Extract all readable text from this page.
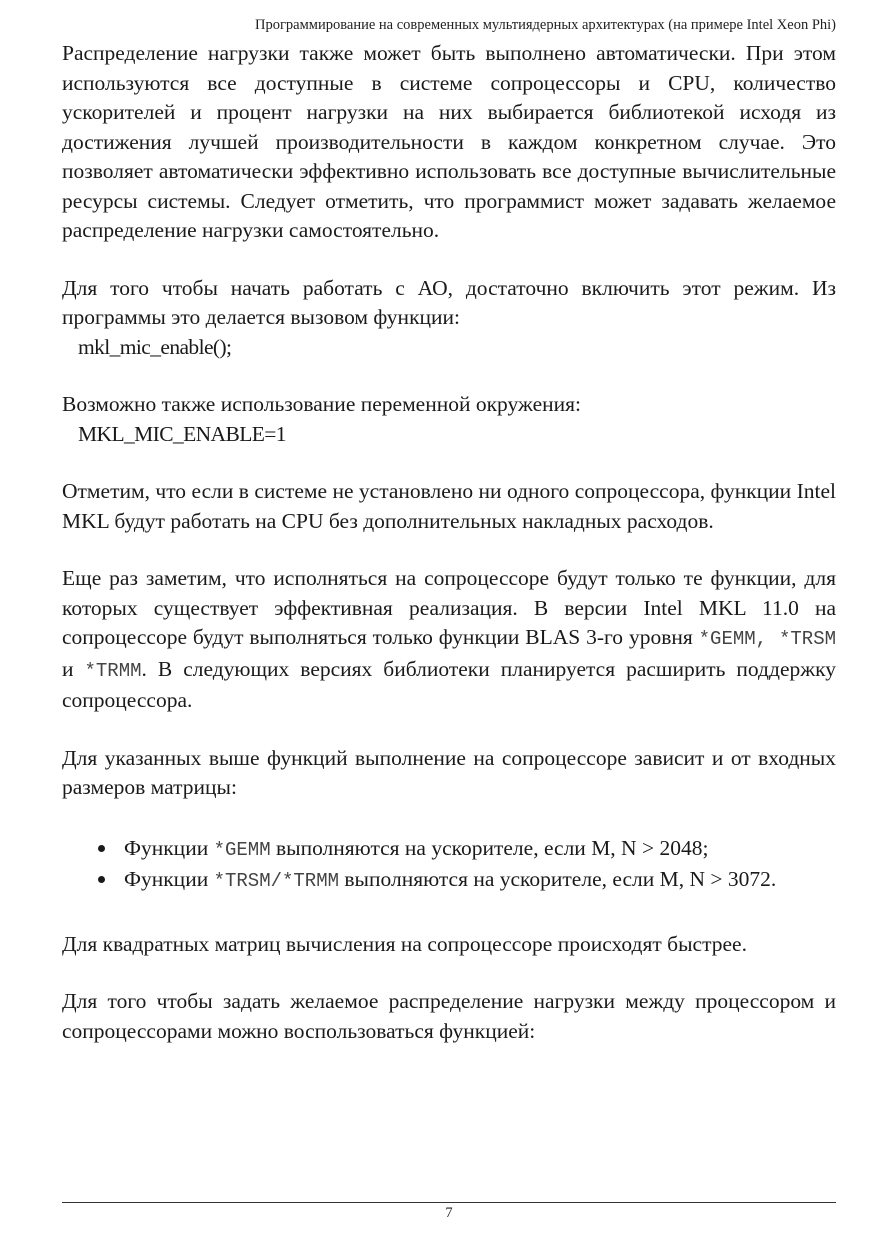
Программирование на современных мультиядерных архитектурах (на примере Intel Xeon Phi)

Распределение нагрузки также может быть выполнено автоматически. При этом используются все доступные в системе сопроцессоры и CPU, количество ускорителей и процент нагрузки на них выбирается библиотекой исходя из достижения лучшей производительности в каждом конкретном случае. Это позволяет автоматически эффективно использовать все доступные вычислительные ресурсы системы. Следует отметить, что программист может задавать желаемое распределение нагрузки самостоятельно.

Для того чтобы начать работать с АО, достаточно включить этот режим. Из программы это делается вызовом функции:

mkl_mic_enable();

Возможно также использование переменной окружения:

MKL_MIC_ENABLE=1

Отметим, что если в системе не установлено ни одного сопроцессора, функции Intel MKL будут работать на CPU без дополнительных накладных расходов.

Еще раз заметим, что исполняться на сопроцессоре будут только те функции, для которых существует эффективная реализация. В версии Intel MKL 11.0 на сопроцессоре будут выполняться только функции BLAS 3-го уровня *GEMM, *TRSM и *TRMM. В следующих версиях библиотеки планируется расширить поддержку сопроцессора.

Для указанных выше функций выполнение на сопроцессоре зависит и от входных размеров матрицы:

Функции *GEMM выполняются на ускорителе, если M, N > 2048;
Функции *TRSM/*TRMM выполняются на ускорителе, если M, N > 3072.

Для квадратных матриц вычисления на сопроцессоре происходят быстрее.

Для того чтобы задать желаемое распределение нагрузки между процессором и сопроцессорами можно воспользоваться функцией:

7
